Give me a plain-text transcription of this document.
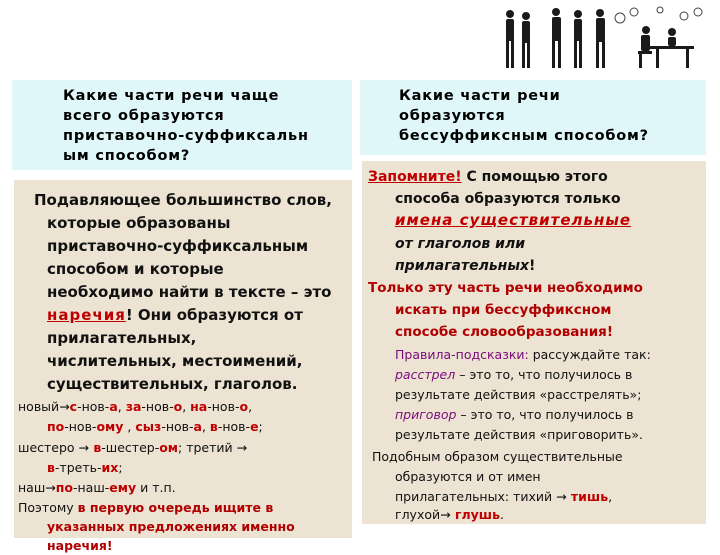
Какие части речи чаще
всего образуются
приставочно-суффиксальн
ым способом?
Какие части речи
образуются
бессуффиксным способом?
Подавляющее большинство слов,
которые образованы
приставочно-суффиксальным
способом и которые
необходимо найти в тексте – это
наречия! Они образуются от
прилагательных,
числительных, местоимений,
существительных, глаголов.
новый→с-нов-а, за-нов-о, на-нов-о,
по-нов-ому , сыз-нов-а, в-нов-е;
шестеро → в-шестер-ом; третий →
в-треть-их;
наш→по-наш-ему и т.п.
Поэтому в первую очередь ищите в
указанных предложениях именно
наречия!
Запомните! С помощью этого
способа образуются только
имена существительные
от глаголов или
прилагательных!
Только эту часть речи необходимо
искать при бессуффиксном
способе словообразования!
Правила-подсказки: рассуждайте так:
расстрел – это то, что получилось в
результате действия «расстрелять»;
приговор – это то, что получилось в
результате действия «приговорить».
Подобным образом существительные
образуются и от имен
прилагательных: тихий → тишь,
глухой→ глушь.
